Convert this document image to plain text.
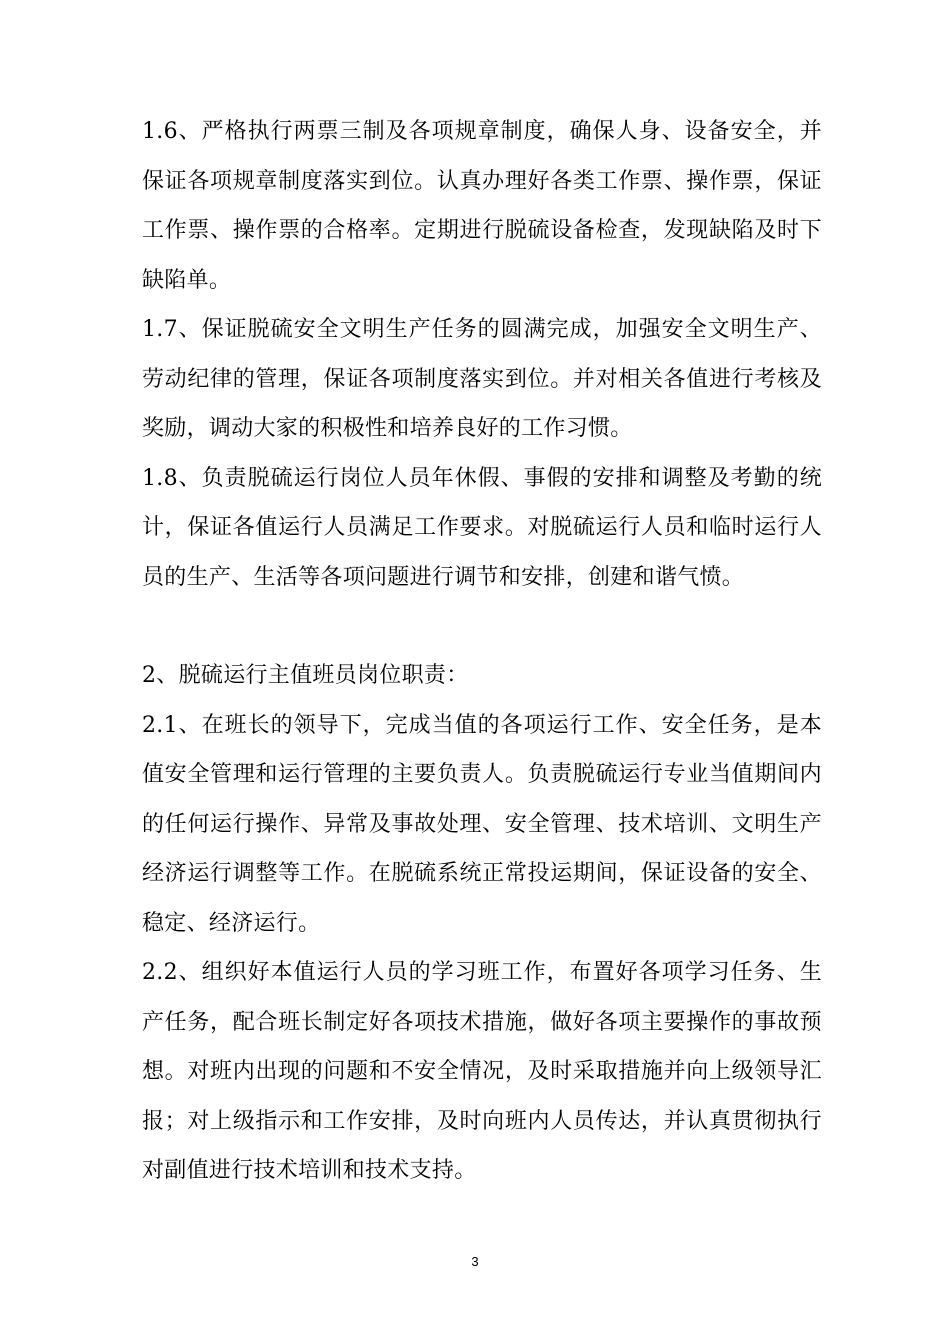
1.6、严格执行两票三制及各项规章制度，确保人身、设备安全，并保证各项规章制度落实到位。认真办理好各类工作票、操作票，保证工作票、操作票的合格率。定期进行脱硫设备检查，发现缺陷及时下缺陷单。

1.7、保证脱硫安全文明生产任务的圆满完成，加强安全文明生产、劳动纪律的管理，保证各项制度落实到位。并对相关各值进行考核及奖励，调动大家的积极性和培养良好的工作习惯。

1.8、负责脱硫运行岗位人员年休假、事假的安排和调整及考勤的统计，保证各值运行人员满足工作要求。对脱硫运行人员和临时运行人员的生产、生活等各项问题进行调节和安排，创建和谐气愤。

2、脱硫运行主值班员岗位职责：

2.1、在班长的领导下，完成当值的各项运行工作、安全任务，是本值安全管理和运行管理的主要负责人。负责脱硫运行专业当值期间内的任何运行操作、异常及事故处理、安全管理、技术培训、文明生产经济运行调整等工作。在脱硫系统正常投运期间，保证设备的安全、稳定、经济运行。

2.2、组织好本值运行人员的学习班工作，布置好各项学习任务、生产任务，配合班长制定好各项技术措施，做好各项主要操作的事故预想。对班内出现的问题和不安全情况，及时采取措施并向上级领导汇报；对上级指示和工作安排，及时向班内人员传达，并认真贯彻执行对副值进行技术培训和技术支持。

3
